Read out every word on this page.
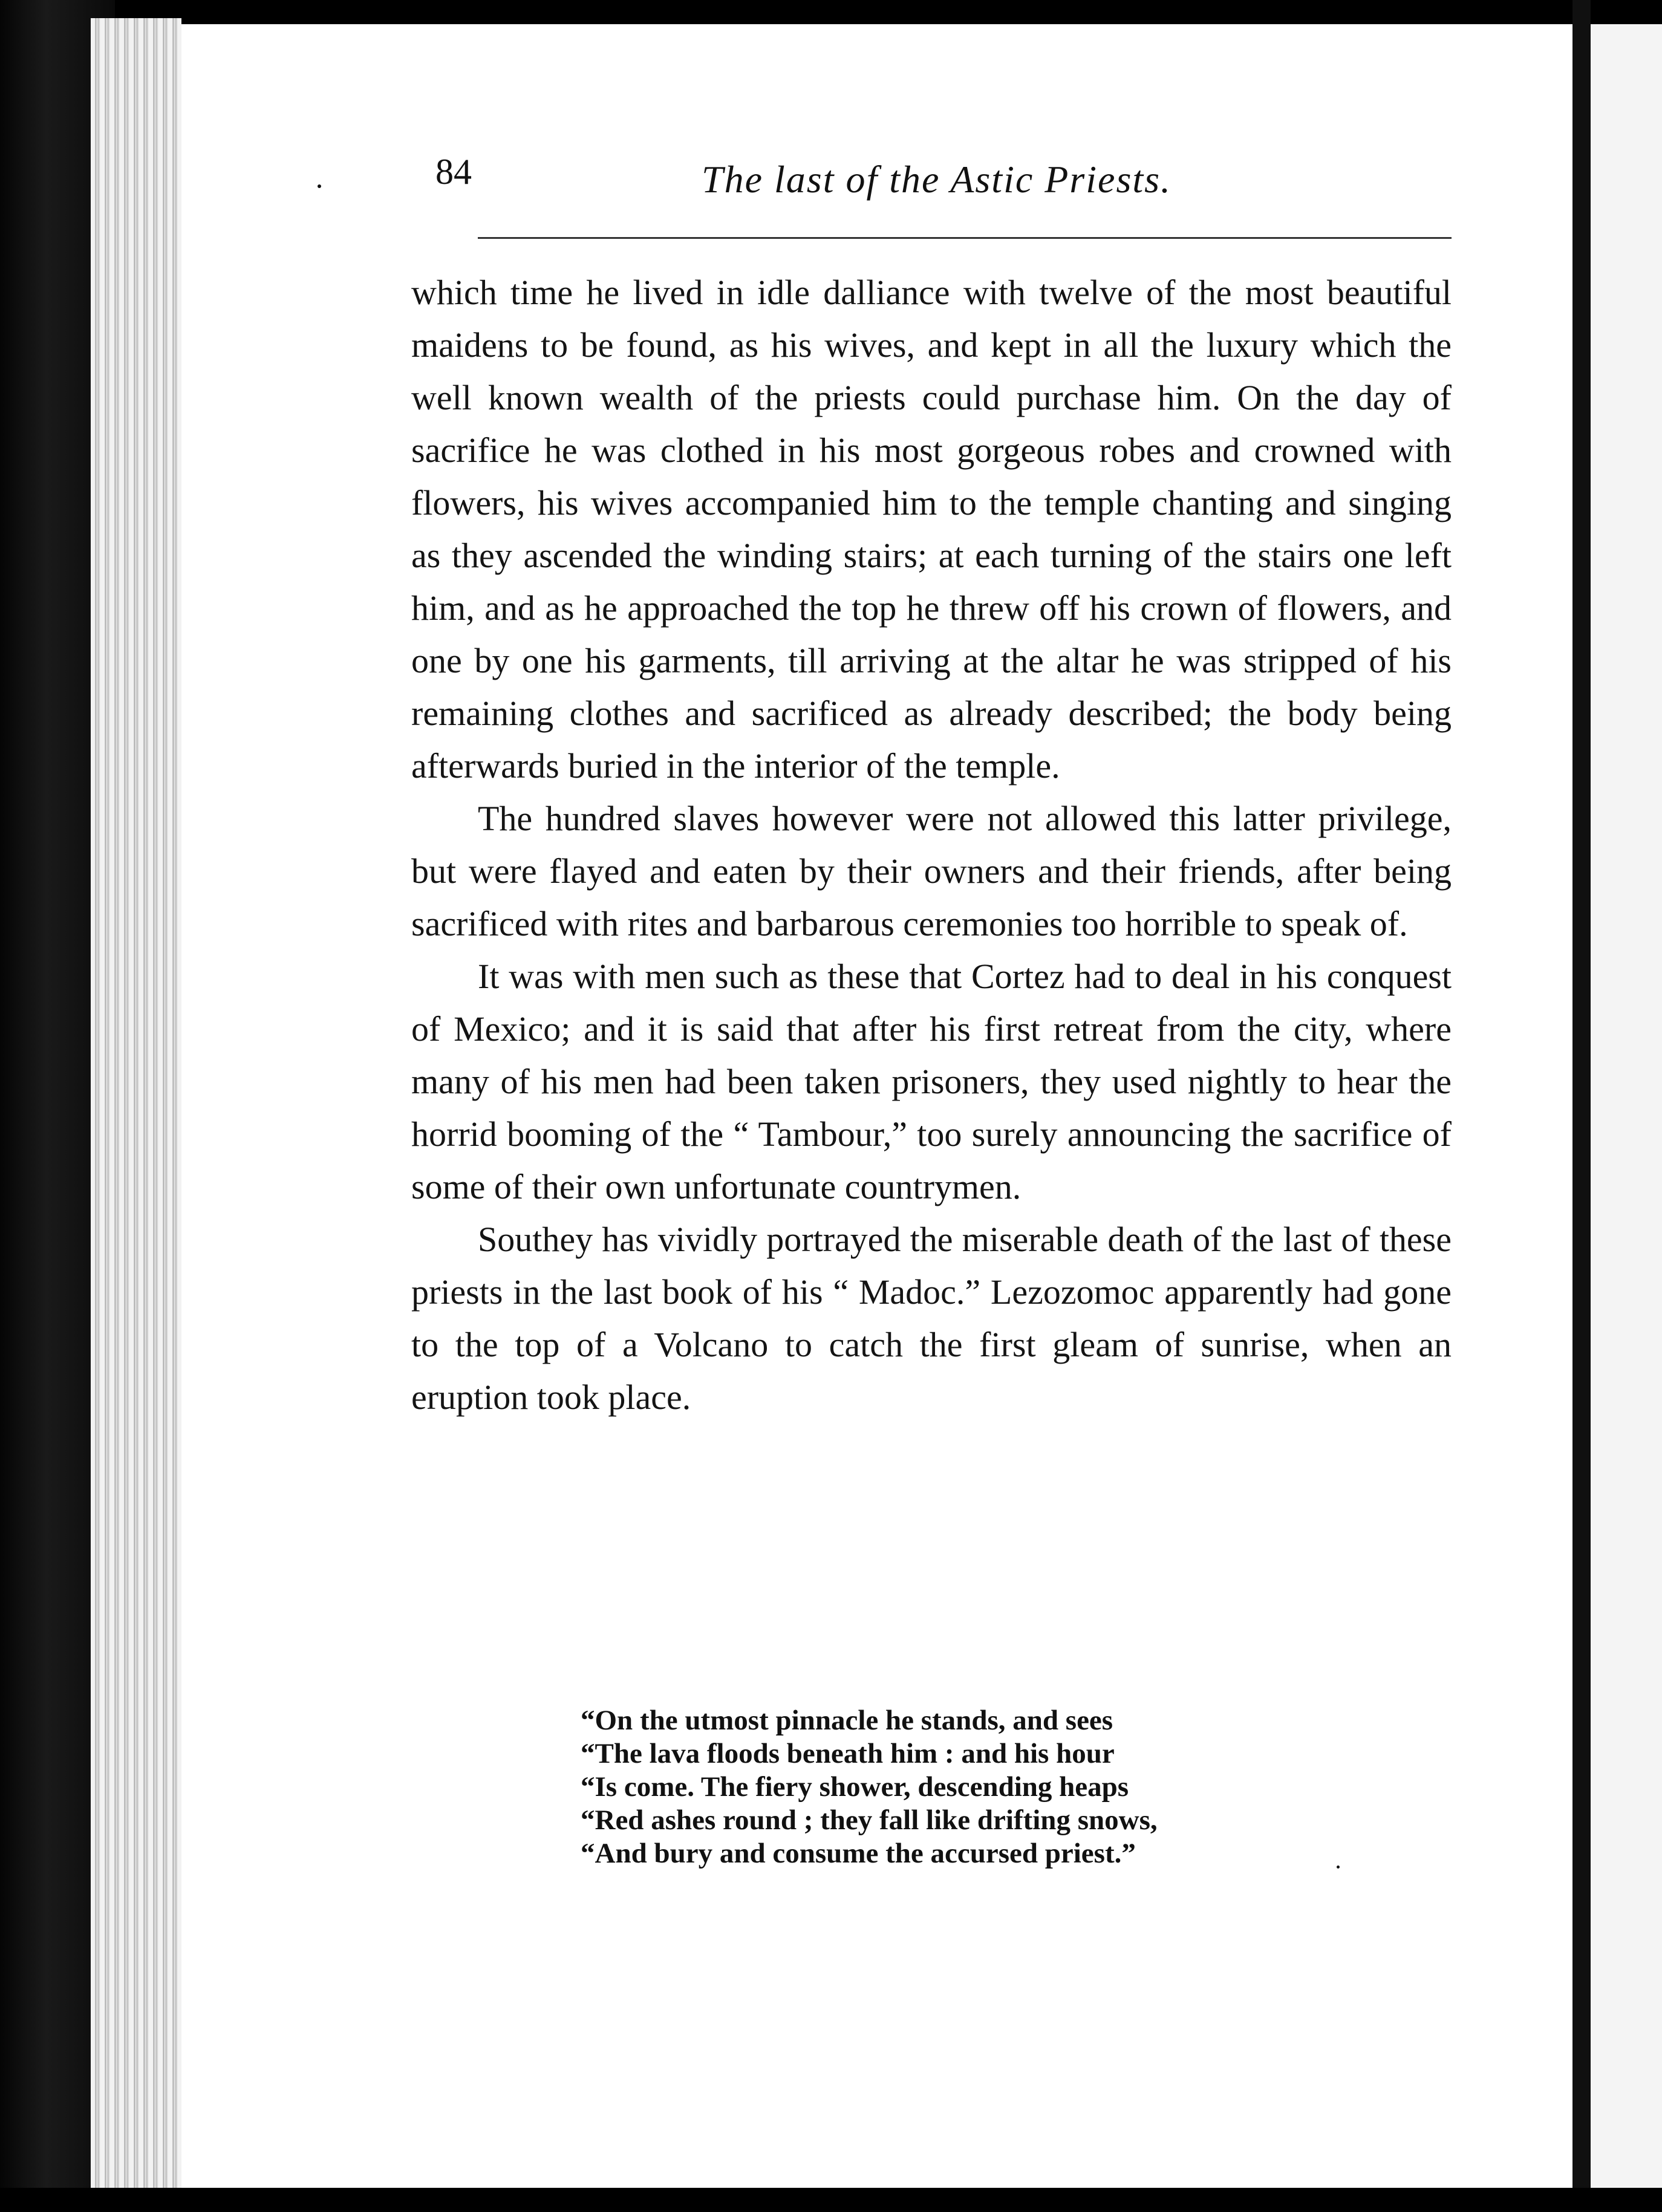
84	The last of the Astic Priests.

which time he lived in idle dalliance with twelve of the most beautiful maidens to be found, as his wives, and kept in all the luxury which the well known wealth of the priests could purchase him. On the day of sacrifice he was clothed in his most gorgeous robes and crowned with flowers, his wives accompanied him to the temple chanting and singing as they ascended the winding stairs; at each turning of the stairs one left him, and as he approached the top he threw off his crown of flowers, and one by one his garments, till arriving at the altar he was stripped of his remaining clothes and sacrificed as already described; the body being afterwards buried in the interior of the temple.

The hundred slaves however were not allowed this latter privilege, but were flayed and eaten by their owners and their friends, after being sacrificed with rites and barbarous ceremonies too horrible to speak of.

It was with men such as these that Cortez had to deal in his conquest of Mexico; and it is said that after his first retreat from the city, where many of his men had been taken prisoners, they used nightly to hear the horrid booming of the “ Tambour,” too surely announcing the sacrifice of some of their own unfortunate countrymen.

Southey has vividly portrayed the miserable death of the last of these priests in the last book of his “ Madoc.” Lezozomoc apparently had gone to the top of a Volcano to catch the first gleam of sunrise, when an eruption took place.

“On the utmost pinnacle he stands, and sees
“The lava floods beneath him : and his hour
“Is come. The fiery shower, descending heaps
“Red ashes round ; they fall like drifting snows,
“And bury and consume the accursed priest.”
